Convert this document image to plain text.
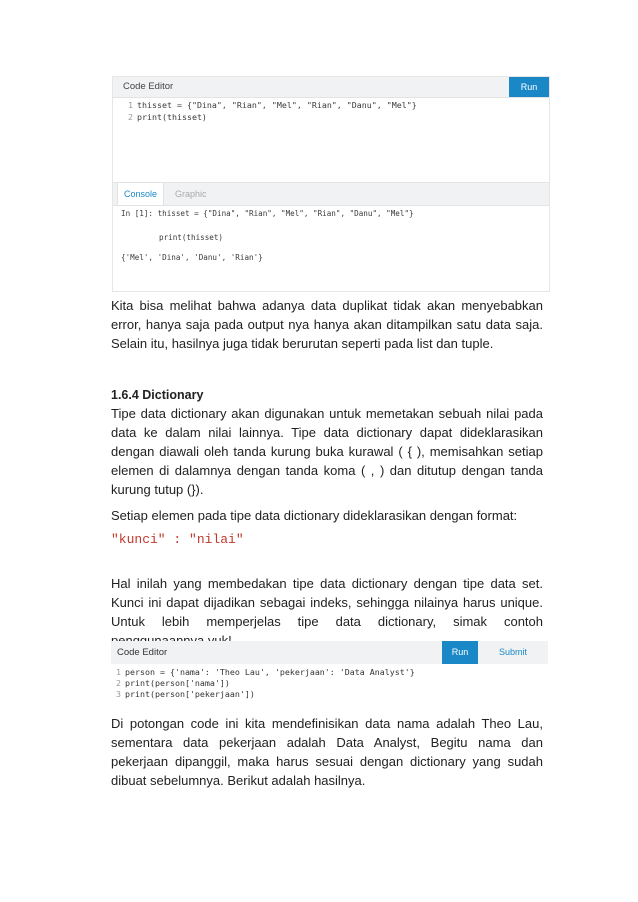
Code Editor	Run
1 thisset = {"Dina", "Rian", "Mel", "Rian", "Danu", "Mel"}
2 print(thisset)
Console	Graphic
In [1]: thisset = {"Dina", "Rian", "Mel", "Rian", "Danu", "Mel"}
print(thisset)
{'Mel', 'Dina', 'Danu', 'Rian'}
Kita bisa melihat bahwa adanya data duplikat tidak akan menyebabkan error, hanya saja pada output nya hanya akan ditampilkan satu data saja. Selain itu, hasilnya juga tidak berurutan seperti pada list dan tuple.
1.6.4 Dictionary
Tipe data dictionary akan digunakan untuk memetakan sebuah nilai pada data ke dalam nilai lainnya. Tipe data dictionary dapat dideklarasikan dengan diawali oleh tanda kurung buka kurawal ( { ), memisahkan setiap elemen di dalamnya dengan tanda koma ( , ) dan ditutup dengan tanda kurung tutup (}).
Setiap elemen pada tipe data dictionary dideklarasikan dengan format:
"kunci" : "nilai"
Hal inilah yang membedakan tipe data dictionary dengan tipe data set. Kunci ini dapat dijadikan sebagai indeks, sehingga nilainya harus unique. Untuk lebih memperjelas tipe data dictionary, simak contoh
Code Editor	Run	Submit
1 person = {'nama': 'Theo Lau', 'pekerjaan': 'Data Analyst'}
2 print(person['nama'])
3 print(person['pekerjaan'])
Di potongan code ini kita mendefinisikan data nama adalah Theo Lau, sementara data pekerjaan adalah Data Analyst, Begitu nama dan pekerjaan dipanggil, maka harus sesuai dengan dictionary yang sudah dibuat sebelumnya. Berikut adalah hasilnya.
